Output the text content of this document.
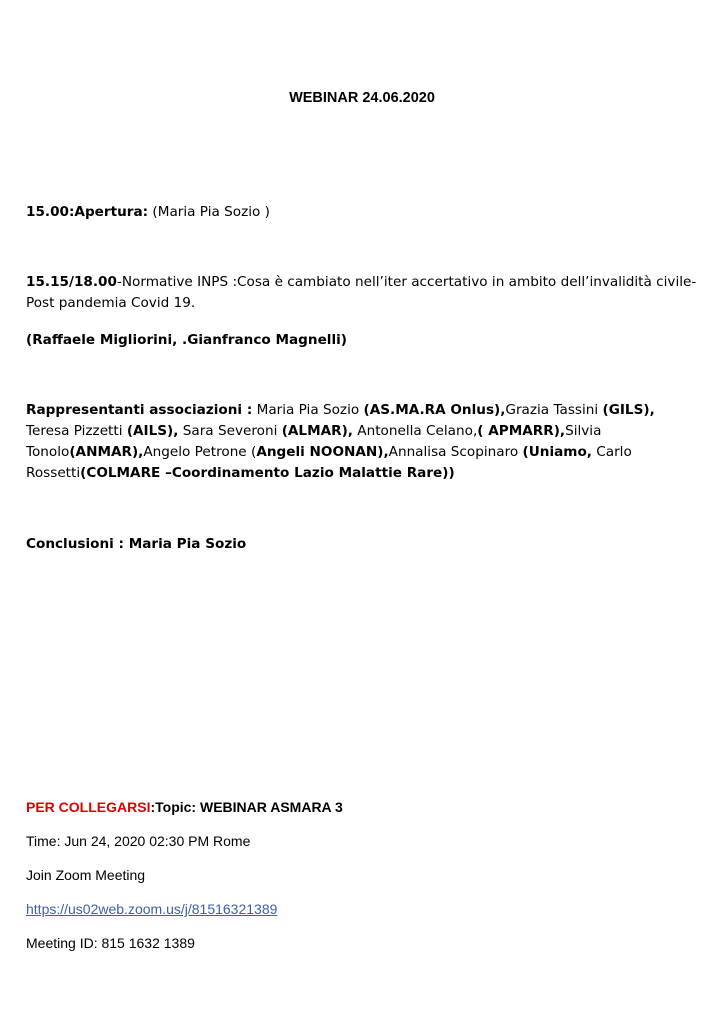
WEBINAR 24.06.2020
15.00:Apertura: (Maria Pia Sozio )
15.15/18.00-Normative INPS :Cosa è cambiato nell’iter accertativo in ambito dell’invalidità civile-Post pandemia Covid 19.
(Raffaele Migliorini, .Gianfranco Magnelli)
Rappresentanti associazioni : Maria Pia Sozio (AS.MA.RA Onlus),Grazia Tassini (GILS), Teresa Pizzetti (AILS), Sara Severoni (ALMAR), Antonella Celano,( APMARR),Silvia Tonolo(ANMAR),Angelo Petrone (Angeli NOONAN),Annalisa Scopinaro (Uniamo, Carlo Rossetti(COLMARE –Coordinamento Lazio Malattie Rare))
Conclusioni : Maria Pia Sozio
PER COLLEGARSI:Topic: WEBINAR ASMARA 3
Time: Jun 24, 2020 02:30 PM Rome
Join Zoom Meeting
https://us02web.zoom.us/j/81516321389
Meeting ID: 815 1632 1389
